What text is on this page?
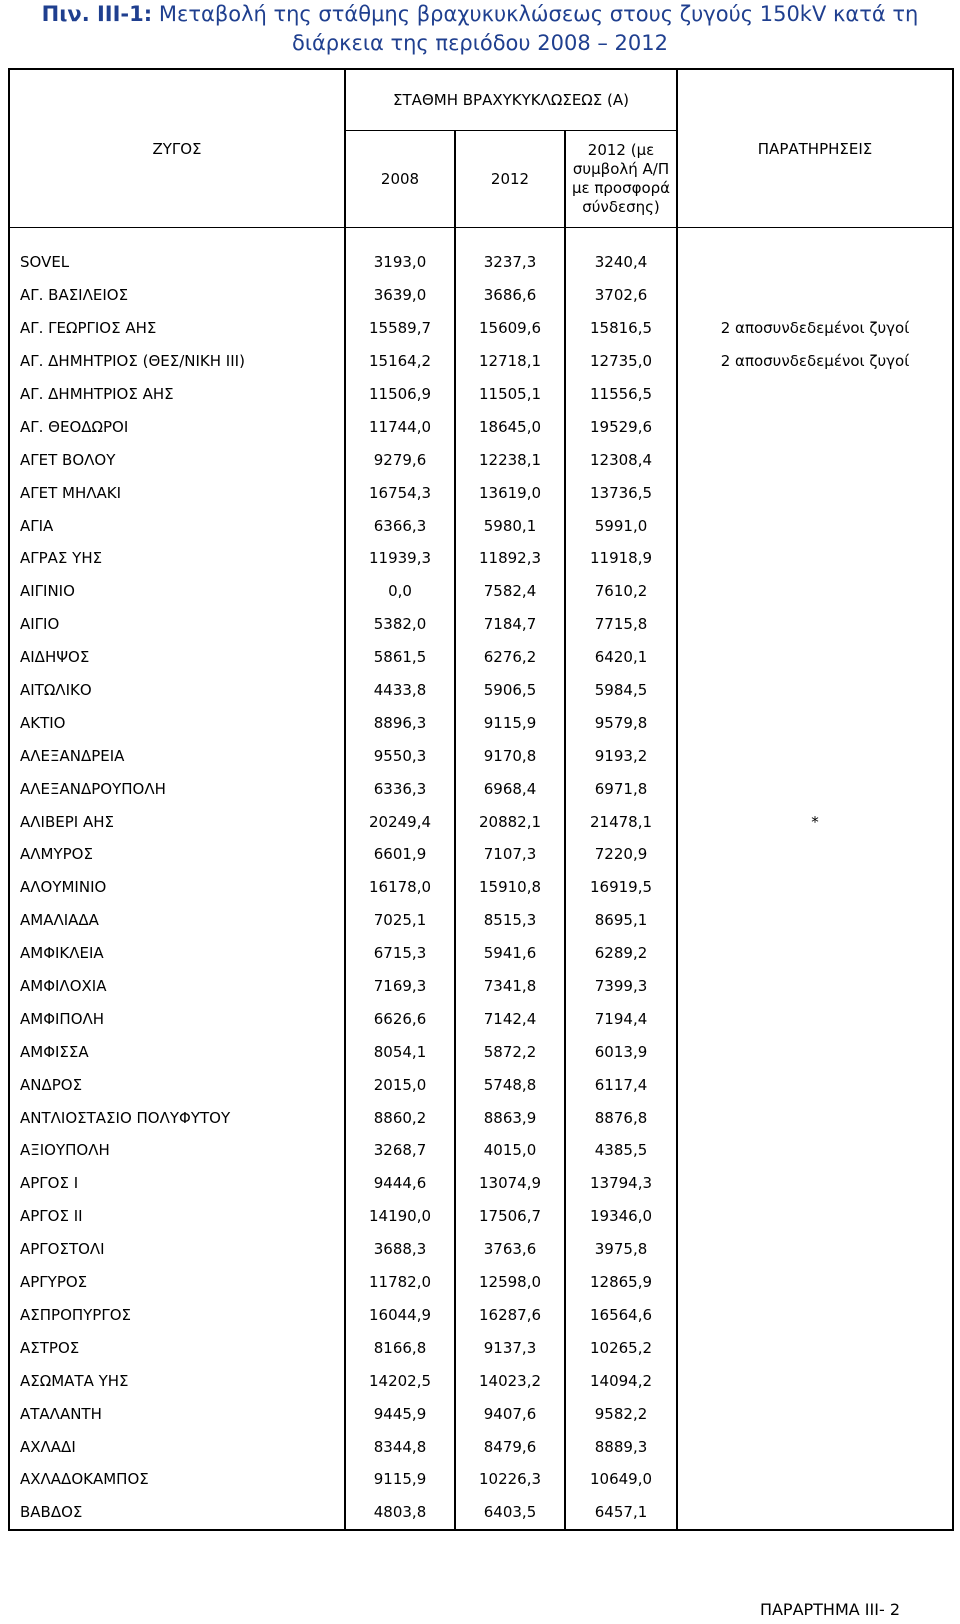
Πιν. ΙΙΙ-1: Μεταβολή της στάθμης βραχυκυκλώσεως στους ζυγούς 150kV κατά τη
διάρκεια της περιόδου 2008 – 2012
ΖΥΓΟΣ	ΣΤΑΘΜΗ ΒΡΑΧΥΚΥΚΛΩΣΕΩΣ (Α)			ΠΑΡΑΤΗΡΗΣΕΙΣ
	2008	2012	2012 (με συμβολή Α/Π με προσφορά σύνδεσης)	

SOVEL	3193,0	3237,3	3240,4	
ΑΓ. ΒΑΣΙΛΕΙΟΣ	3639,0	3686,6	3702,6	
ΑΓ. ΓΕΩΡΓΙΟΣ ΑΗΣ	15589,7	15609,6	15816,5	2 αποσυνδεδεμένοι ζυγοί
ΑΓ. ΔΗΜΗΤΡΙΟΣ (ΘΕΣ/ΝΙΚΗ ΙΙΙ)	15164,2	12718,1	12735,0	2 αποσυνδεδεμένοι ζυγοί
ΑΓ. ΔΗΜΗΤΡΙΟΣ ΑΗΣ	11506,9	11505,1	11556,5	
ΑΓ. ΘΕΟΔΩΡΟΙ	11744,0	18645,0	19529,6	
ΑΓΕΤ ΒΟΛΟΥ	9279,6	12238,1	12308,4	
ΑΓΕΤ ΜΗΛΑΚΙ	16754,3	13619,0	13736,5	
ΑΓΙΑ	6366,3	5980,1	5991,0	
ΑΓΡΑΣ ΥΗΣ	11939,3	11892,3	11918,9	
ΑΙΓΙΝΙΟ	0,0	7582,4	7610,2	
ΑΙΓΙΟ	5382,0	7184,7	7715,8	
ΑΙΔΗΨΟΣ	5861,5	6276,2	6420,1	
ΑΙΤΩΛΙΚΟ	4433,8	5906,5	5984,5	
ΑΚΤΙΟ	8896,3	9115,9	9579,8	
ΑΛΕΞΑΝΔΡΕΙΑ	9550,3	9170,8	9193,2	
ΑΛΕΞΑΝΔΡΟΥΠΟΛΗ	6336,3	6968,4	6971,8	
ΑΛΙΒΕΡΙ ΑΗΣ	20249,4	20882,1	21478,1	*
ΑΛΜΥΡΟΣ	6601,9	7107,3	7220,9	
ΑΛΟΥΜΙΝΙΟ	16178,0	15910,8	16919,5	
ΑΜΑΛΙΑΔΑ	7025,1	8515,3	8695,1	
ΑΜΦΙΚΛΕΙΑ	6715,3	5941,6	6289,2	
ΑΜΦΙΛΟΧΙΑ	7169,3	7341,8	7399,3	
ΑΜΦΙΠΟΛΗ	6626,6	7142,4	7194,4	
ΑΜΦΙΣΣΑ	8054,1	5872,2	6013,9	
ΑΝΔΡΟΣ	2015,0	5748,8	6117,4	
ΑΝΤΛΙΟΣΤΑΣΙΟ ΠΟΛΥΦΥΤΟΥ	8860,2	8863,9	8876,8	
ΑΞΙΟΥΠΟΛΗ	3268,7	4015,0	4385,5	
ΑΡΓΟΣ Ι	9444,6	13074,9	13794,3	
ΑΡΓΟΣ ΙΙ	14190,0	17506,7	19346,0	
ΑΡΓΟΣΤΟΛΙ	3688,3	3763,6	3975,8	
ΑΡΓΥΡΟΣ	11782,0	12598,0	12865,9	
ΑΣΠΡΟΠΥΡΓΟΣ	16044,9	16287,6	16564,6	
ΑΣΤΡΟΣ	8166,8	9137,3	10265,2	
ΑΣΩΜΑΤΑ ΥΗΣ	14202,5	14023,2	14094,2	
ΑΤΑΛΑΝΤΗ	9445,9	9407,6	9582,2	
ΑΧΛΑΔΙ	8344,8	8479,6	8889,3	
ΑΧΛΑΔΟΚΑΜΠΟΣ	9115,9	10226,3	10649,0	
ΒΑΒΔΟΣ	4803,8	6403,5	6457,1	
ΠΑΡΑΡΤΗΜΑ ΙΙΙ- 2
